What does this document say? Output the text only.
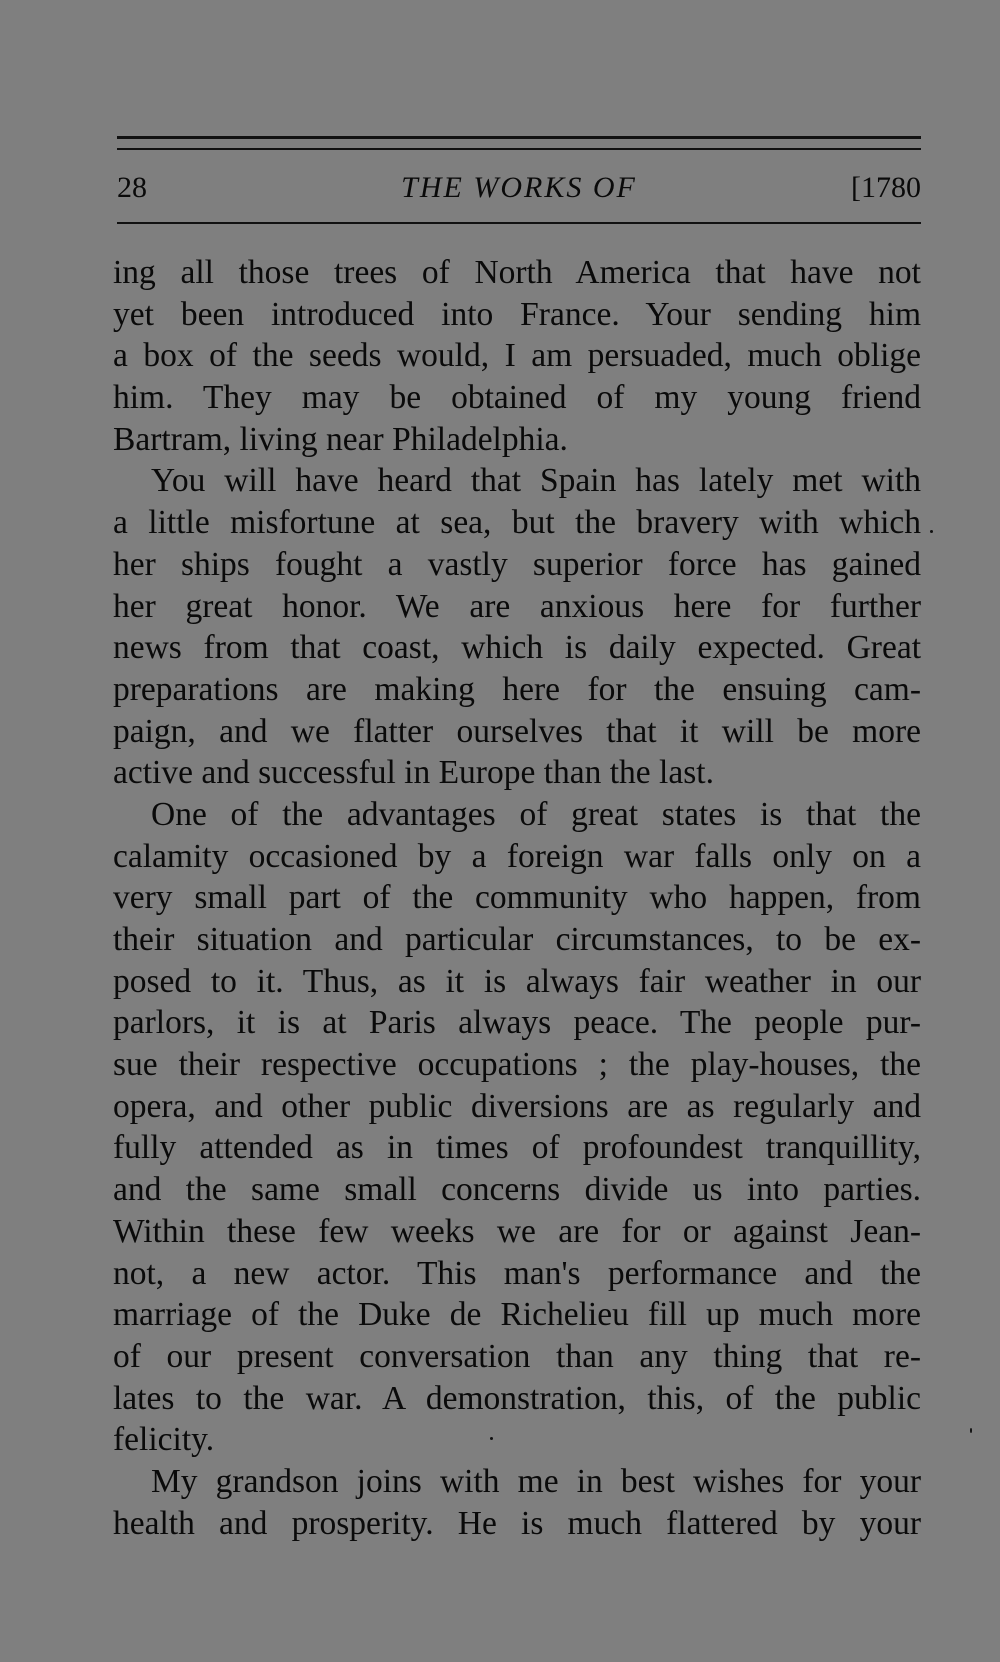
28	THE WORKS OF	[1780
ing all those trees of North America that have not
yet been introduced into France. Your sending him
a box of the seeds would, I am persuaded, much oblige
him. They may be obtained of my young friend
Bartram, living near Philadelphia.
You will have heard that Spain has lately met with
a little misfortune at sea, but the bravery with which
her ships fought a vastly superior force has gained
her great honor. We are anxious here for further
news from that coast, which is daily expected. Great
preparations are making here for the ensuing cam-
paign, and we flatter ourselves that it will be more
active and successful in Europe than the last.
One of the advantages of great states is that the
calamity occasioned by a foreign war falls only on a
very small part of the community who happen, from
their situation and particular circumstances, to be ex-
posed to it. Thus, as it is always fair weather in our
parlors, it is at Paris always peace. The people pur-
sue their respective occupations ; the play-houses, the
opera, and other public diversions are as regularly and
fully attended as in times of profoundest tranquillity,
and the same small concerns divide us into parties.
Within these few weeks we are for or against Jean-
not, a new actor. This man's performance and the
marriage of the Duke de Richelieu fill up much more
of our present conversation than any thing that re-
lates to the war. A demonstration, this, of the public
felicity.
My grandson joins with me in best wishes for your
health and prosperity. He is much flattered by your
